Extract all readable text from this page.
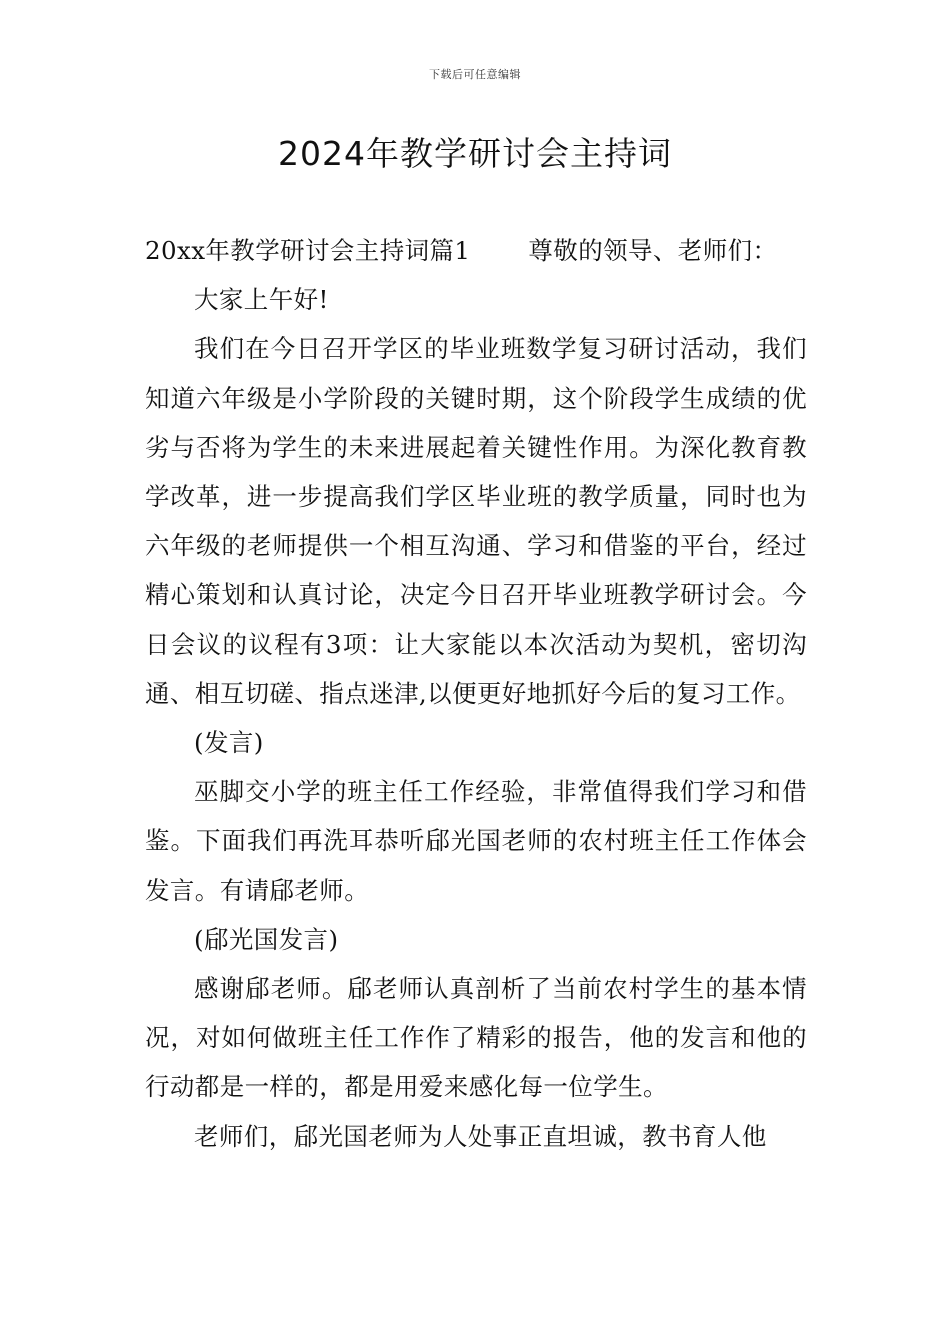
下载后可任意编辑
2024年教学研讨会主持词

20xx年教学研讨会主持词篇1 尊敬的领导、老师们：

大家上午好!

我们在今日召开学区的毕业班数学复习研讨活动，我们知道六年级是小学阶段的关键时期，这个阶段学生成绩的优劣与否将为学生的未来进展起着关键性作用。为深化教育教学改革，进一步提高我们学区毕业班的教学质量，同时也为六年级的老师提供一个相互沟通、学习和借鉴的平台，经过精心策划和认真讨论，决定今日召开毕业班教学研讨会。今日会议的议程有3项：让大家能以本次活动为契机，密切沟通、相互切磋、指点迷津,以便更好地抓好今后的复习工作。

(发言)

巫脚交小学的班主任工作经验，非常值得我们学习和借鉴。下面我们再洗耳恭听郈光国老师的农村班主任工作体会发言。有请郈老师。

(郈光国发言)

感谢郈老师。郈老师认真剖析了当前农村学生的基本情况，对如何做班主任工作作了精彩的报告，他的发言和他的行动都是一样的，都是用爱来感化每一位学生。

老师们，郈光国老师为人处事正直坦诚，教书育人他
